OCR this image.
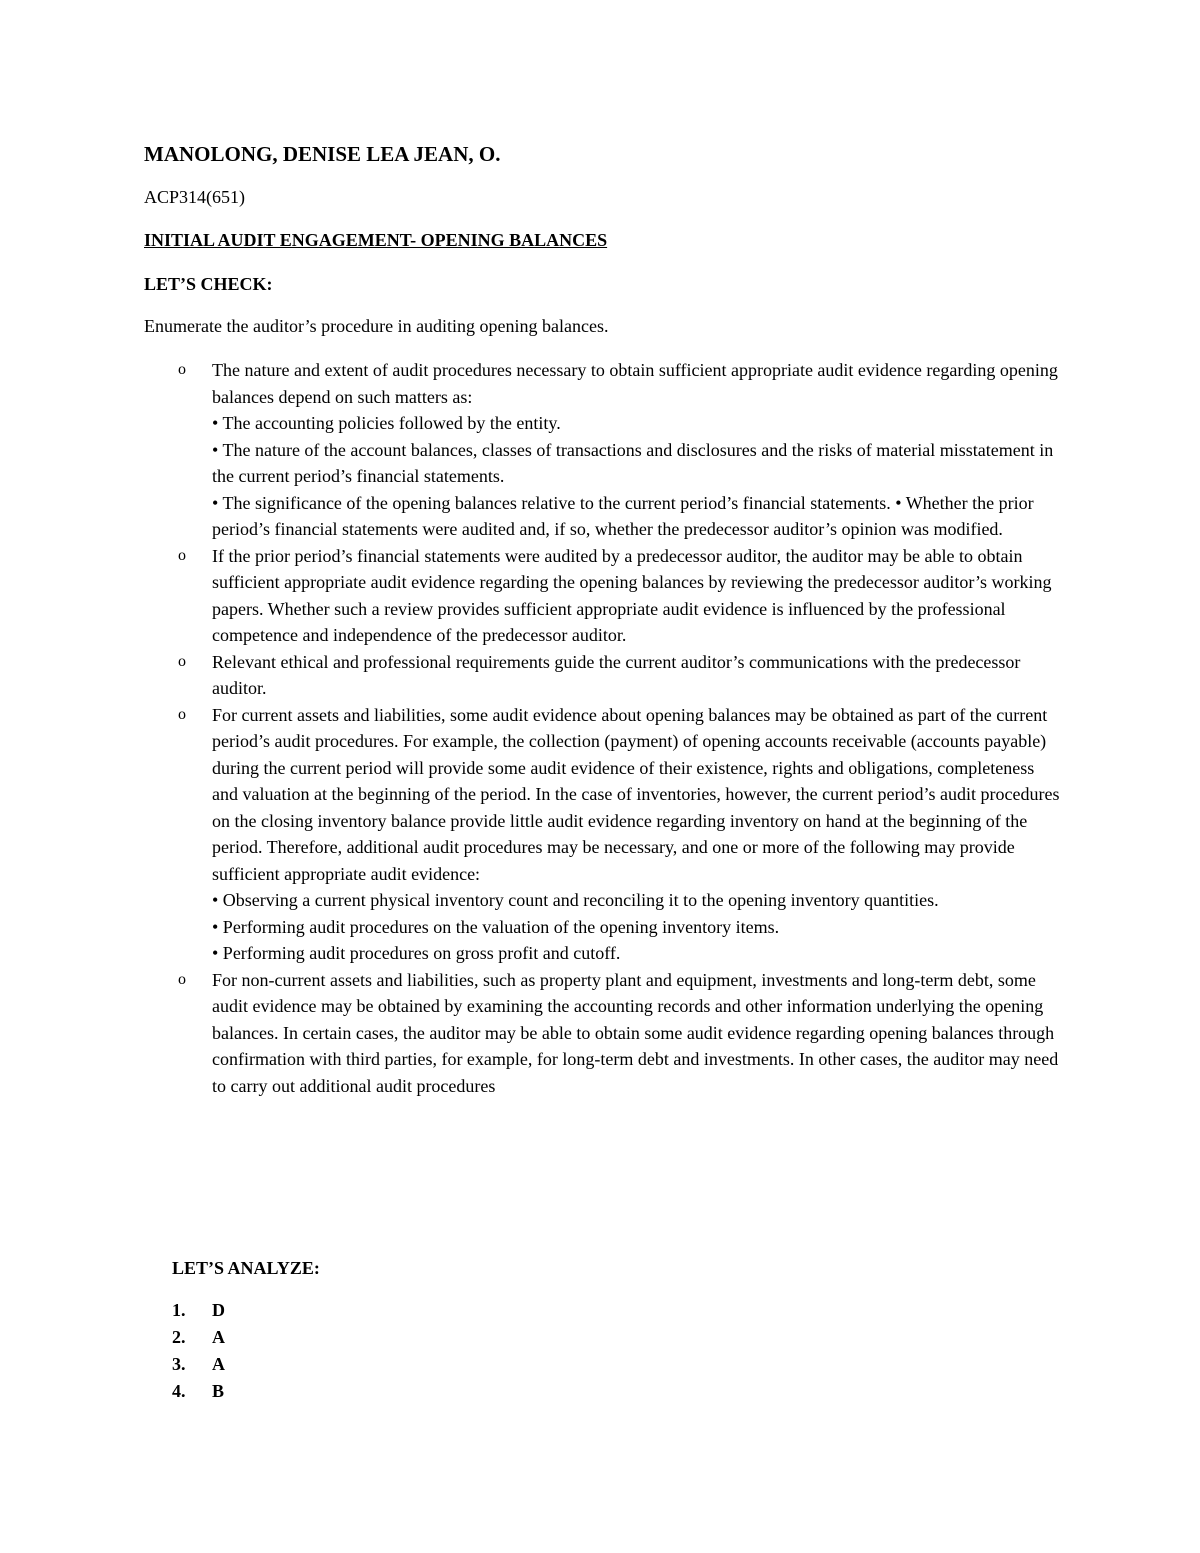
MANOLONG, DENISE LEA JEAN, O.

ACP314(651)

INITIAL AUDIT ENGAGEMENT- OPENING BALANCES

LET’S CHECK:

Enumerate the auditor’s procedure in auditing opening balances.

o The nature and extent of audit procedures necessary to obtain sufficient appropriate audit evidence regarding opening balances depend on such matters as:
• The accounting policies followed by the entity.
• The nature of the account balances, classes of transactions and disclosures and the risks of material misstatement in the current period’s financial statements.
• The significance of the opening balances relative to the current period’s financial statements. • Whether the prior period’s financial statements were audited and, if so, whether the predecessor auditor’s opinion was modified.
o If the prior period’s financial statements were audited by a predecessor auditor, the auditor may be able to obtain sufficient appropriate audit evidence regarding the opening balances by reviewing the predecessor auditor’s working papers. Whether such a review provides sufficient appropriate audit evidence is influenced by the professional competence and independence of the predecessor auditor.
o Relevant ethical and professional requirements guide the current auditor’s communications with the predecessor auditor.
o For current assets and liabilities, some audit evidence about opening balances may be obtained as part of the current period’s audit procedures. For example, the collection (payment) of opening accounts receivable (accounts payable) during the current period will provide some audit evidence of their existence, rights and obligations, completeness and valuation at the beginning of the period. In the case of inventories, however, the current period’s audit procedures on the closing inventory balance provide little audit evidence regarding inventory on hand at the beginning of the period. Therefore, additional audit procedures may be necessary, and one or more of the following may provide sufficient appropriate audit evidence:
• Observing a current physical inventory count and reconciling it to the opening inventory quantities.
• Performing audit procedures on the valuation of the opening inventory items.
• Performing audit procedures on gross profit and cutoff.
o For non-current assets and liabilities, such as property plant and equipment, investments and long-term debt, some audit evidence may be obtained by examining the accounting records and other information underlying the opening balances. In certain cases, the auditor may be able to obtain some audit evidence regarding opening balances through confirmation with third parties, for example, for long-term debt and investments. In other cases, the auditor may need to carry out additional audit procedures

LET’S ANALYZE:

1.	D
2.	A
3.	A
4.	B
